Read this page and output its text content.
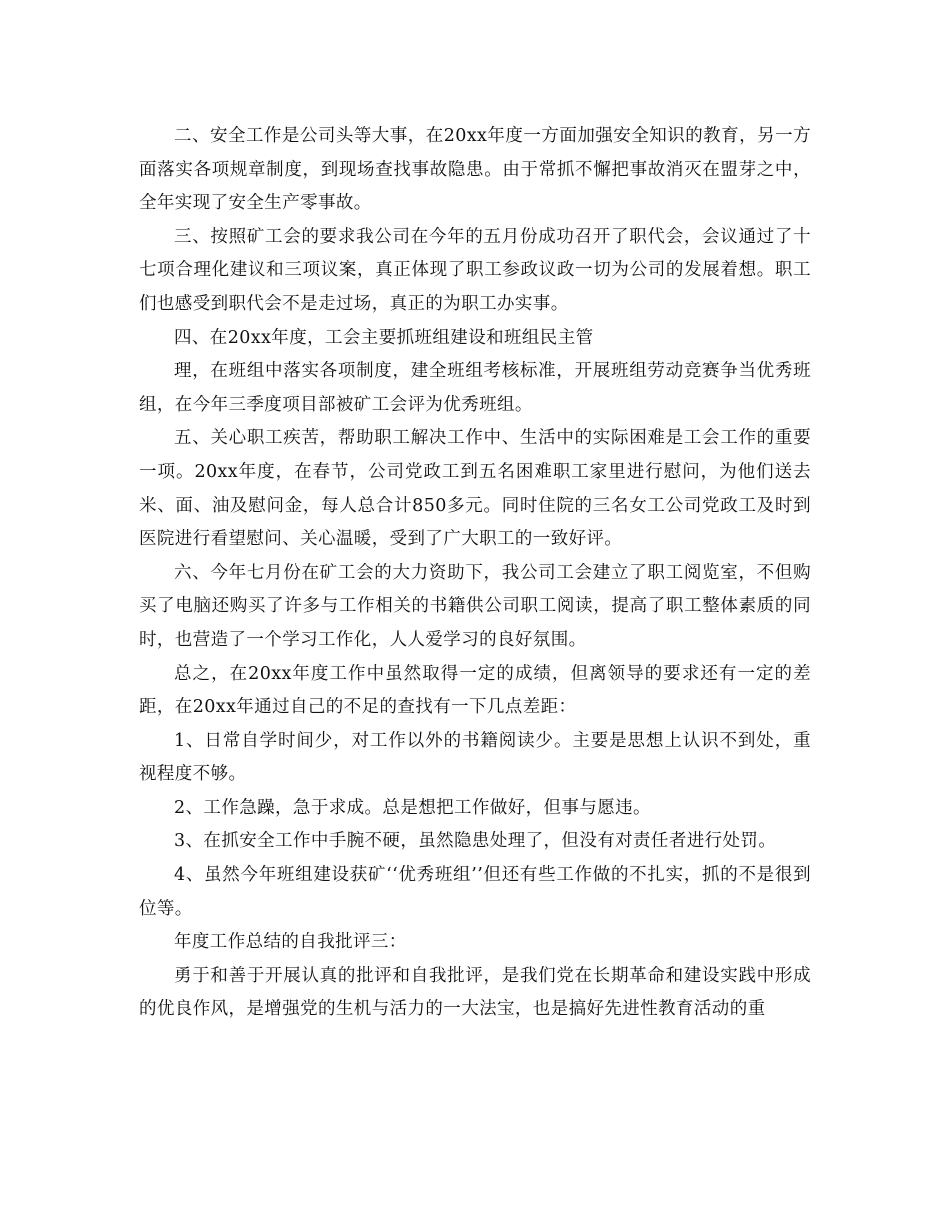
二、安全工作是公司头等大事，在20xx年度一方面加强安全知识的教育，另一方面落实各项规章制度，到现场查找事故隐患。由于常抓不懈把事故消灭在盟芽之中，全年实现了安全生产零事故。

三、按照矿工会的要求我公司在今年的五月份成功召开了职代会，会议通过了十七项合理化建议和三项议案，真正体现了职工参政议政一切为公司的发展着想。职工们也感受到职代会不是走过场，真正的为职工办实事。

四、在20xx年度，工会主要抓班组建设和班组民主管

理，在班组中落实各项制度，建全班组考核标准，开展班组劳动竞赛争当优秀班组，在今年三季度项目部被矿工会评为优秀班组。

五、关心职工疾苦，帮助职工解决工作中、生活中的实际困难是工会工作的重要一项。20xx年度，在春节，公司党政工到五名困难职工家里进行慰问，为他们送去米、面、油及慰问金，每人总合计850多元。同时住院的三名女工公司党政工及时到医院进行看望慰问、关心温暖，受到了广大职工的一致好评。

六、今年七月份在矿工会的大力资助下，我公司工会建立了职工阅览室，不但购买了电脑还购买了许多与工作相关的书籍供公司职工阅读，提高了职工整体素质的同时，也营造了一个学习工作化，人人爱学习的良好氛围。

总之，在20xx年度工作中虽然取得一定的成绩，但离领导的要求还有一定的差距，在20xx年通过自己的不足的查找有一下几点差距：

1、日常自学时间少，对工作以外的书籍阅读少。主要是思想上认识不到处，重视程度不够。

2、工作急躁，急于求成。总是想把工作做好，但事与愿违。

3、在抓安全工作中手腕不硬，虽然隐患处理了，但没有对责任者进行处罚。

4、虽然今年班组建设获矿‘‘优秀班组’’但还有些工作做的不扎实，抓的不是很到位等。

年度工作总结的自我批评三：

勇于和善于开展认真的批评和自我批评，是我们党在长期革命和建设实践中形成的优良作风，是增强党的生机与活力的一大法宝，也是搞好先进性教育活动的重
